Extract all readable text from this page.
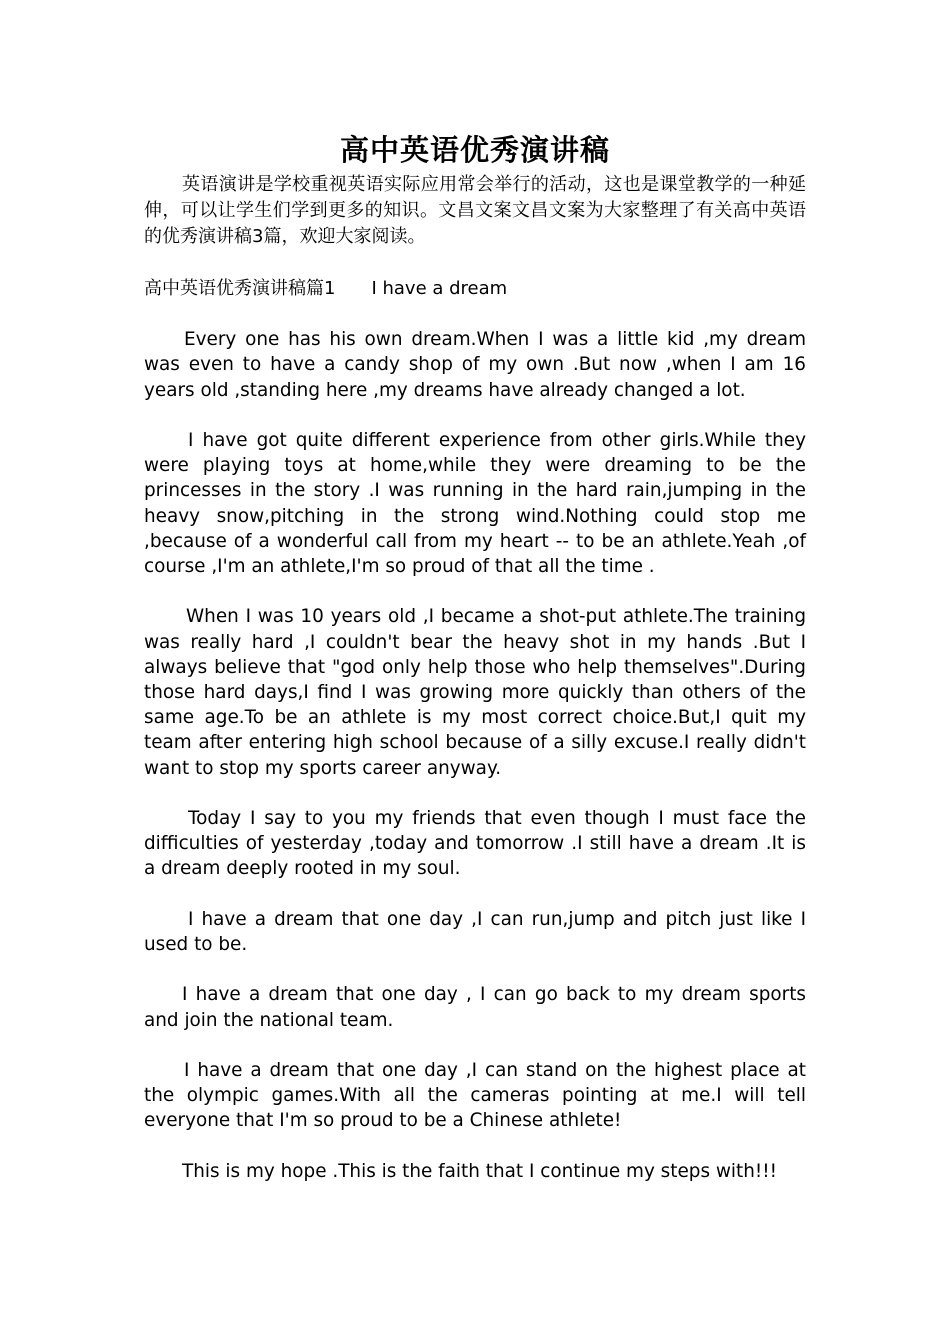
高中英语优秀演讲稿

英语演讲是学校重视英语实际应用常会举行的活动，这也是课堂教学的一种延伸，可以让学生们学到更多的知识。文昌文案文昌文案为大家整理了有关高中英语的优秀演讲稿3篇，欢迎大家阅读。

高中英语优秀演讲稿篇1 I have a dream

Every one has his own dream.When I was a little kid ,my dream was even to have a candy shop of my own .But now ,when I am 16 years old ,standing here ,my dreams have already changed a lot.

I have got quite different experience from other girls.While they were playing toys at home,while they were dreaming to be the princesses in the story .I was running in the hard rain,jumping in the heavy snow,pitching in the strong wind.Nothing could stop me ,because of a wonderful call from my heart -- to be an athlete.Yeah ,of course ,I'm an athlete,I'm so proud of that all the time .

When I was 10 years old ,I became a shot-put athlete.The training was really hard ,I couldn't bear the heavy shot in my hands .But I always believe that "god only help those who help themselves".During those hard days,I find I was growing more quickly than others of the same age.To be an athlete is my most correct choice.But,I quit my team after entering high school because of a silly excuse.I really didn't want to stop my sports career anyway.

Today I say to you my friends that even though I must face the difficulties of yesterday ,today and tomorrow .I still have a dream .It is a dream deeply rooted in my soul.

I have a dream that one day ,I can run,jump and pitch just like I used to be.

I have a dream that one day , I can go back to my dream sports and join the national team.

I have a dream that one day ,I can stand on the highest place at the olympic games.With all the cameras pointing at me.I will tell everyone that I'm so proud to be a Chinese athlete!

This is my hope .This is the faith that I continue my steps with!!!
